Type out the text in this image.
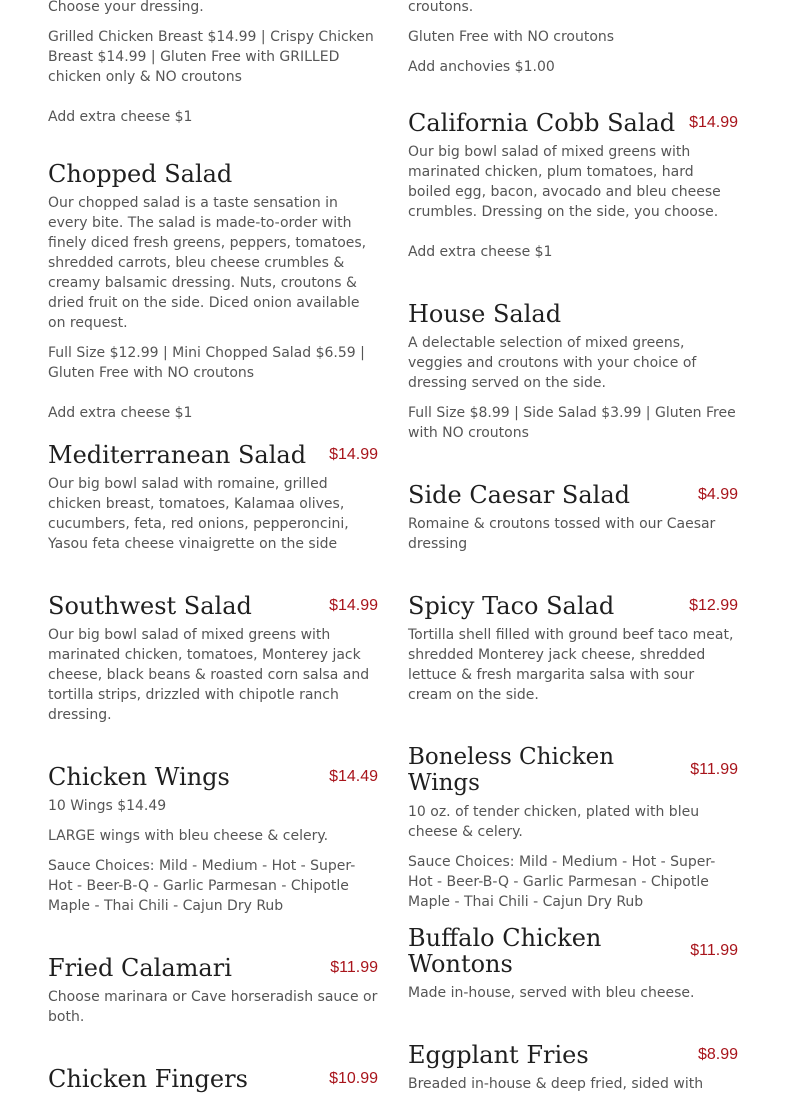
Choose your dressing.

Grilled Chicken Breast $14.99 | Crispy Chicken Breast $14.99 | Gluten Free with GRILLED chicken only & NO croutons

Add extra cheese $1

Chopped Salad

Our chopped salad is a taste sensation in every bite. The salad is made-to-order with finely diced fresh greens, peppers, tomatoes, shredded carrots, bleu cheese crumbles & creamy balsamic dressing. Nuts, croutons & dried fruit on the side. Diced onion available on request.

Full Size $12.99 | Mini Chopped Salad $6.59 | Gluten Free with NO croutons

Add extra cheese $1

Mediterranean Salad $14.99

Our big bowl salad with romaine, grilled chicken breast, tomatoes, Kalamaa olives, cucumbers, feta, red onions, pepperoncini, Yasou feta cheese vinaigrette on the side

Southwest Salad	$14.99

Our big bowl salad of mixed greens with marinated chicken, tomatoes, Monterey jack cheese, black beans & roasted corn salsa and tortilla strips, drizzled with chipotle ranch dressing.

Chicken Wings	$14.49

10 Wings $14.49

LARGE wings with bleu cheese & celery.

Sauce Choices: Mild - Medium - Hot - Super-Hot - Beer-B-Q - Garlic Parmesan - Chipotle Maple - Thai Chili - Cajun Dry Rub

Fried Calamari	$11.99

Choose marinara or Cave horseradish sauce or both.

Chicken Fingers	$10.99

croutons.

Gluten Free with NO croutons

Add anchovies $1.00

California Cobb Salad $14.99

Our big bowl salad of mixed greens with marinated chicken, plum tomatoes, hard boiled egg, bacon, avocado and bleu cheese crumbles. Dressing on the side, you choose.

Add extra cheese $1

House Salad

A delectable selection of mixed greens, veggies and croutons with your choice of dressing served on the side.

Full Size $8.99 | Side Salad $3.99 | Gluten Free with NO croutons

Side Caesar Salad	$4.99

Romaine & croutons tossed with our Caesar dressing

Spicy Taco Salad	$12.99

Tortilla shell filled with ground beef taco meat, shredded Monterey jack cheese, shredded lettuce & fresh margarita salsa with sour cream on the side.

Boneless Chicken Wings
$11.99

10 oz. of tender chicken, plated with bleu cheese & celery.

Sauce Choices: Mild - Medium - Hot - Super-Hot - Beer-B-Q - Garlic Parmesan - Chipotle Maple - Thai Chili - Cajun Dry Rub

Buffalo Chicken Wontons	$11.99

Made in-house, served with bleu cheese.

Eggplant Fries	$8.99

Breaded in-house & deep fried, sided with
